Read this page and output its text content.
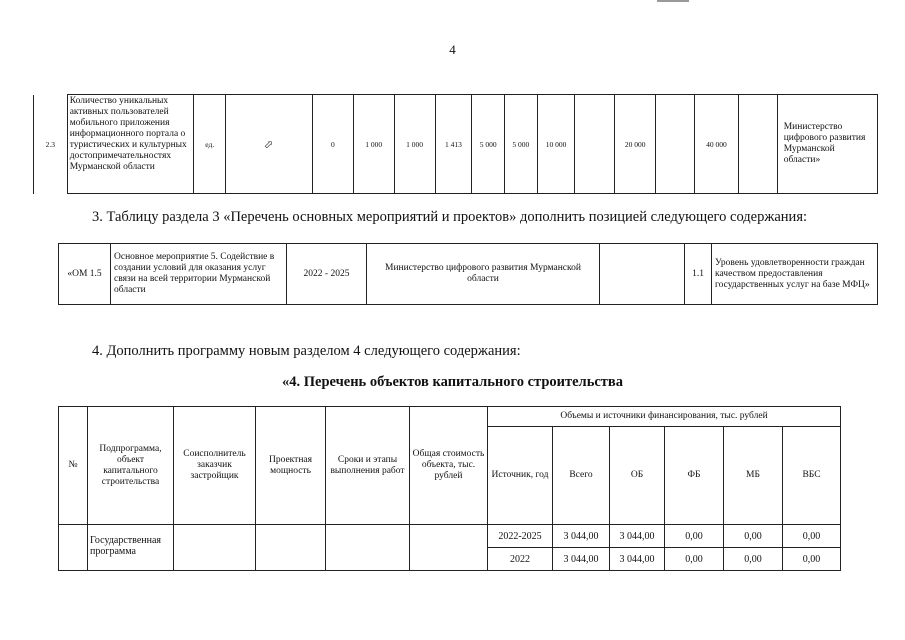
4
2.3	Количество уникальных активных пользователей мобильного приложения информационного портала о туристических и культурных достопримечательностях Мурманской области	ед.	⇨	0	1 000	1 000	1 413	5 000	5 000	10 000		20 000		40 000		Министерство цифрового развития Мурманской области»
3. Таблицу раздела 3 «Перечень основных мероприятий и проектов» дополнить позицией следующего содержания:
«ОМ 1.5	Основное мероприятие 5. Содействие в создании условий для оказания услуг связи на всей территории Мурманской области	2022 - 2025	Министерство цифрового развития Мурманской области		1.1	Уровень удовлетворенности граждан качеством предоставления государственных услуг на базе МФЦ»
4. Дополнить программу новым разделом 4 следующего содержания:
«4. Перечень объектов капитального строительства
№	Подпрограмма, объект капитального строительства	Соисполнитель заказчик застройщик	Проектная мощность	Сроки и этапы выполнения работ	Общая стоимость объекта, тыс. рублей	Объемы и источники финансирования, тыс. рублей					
						Источник, год	Всего	ОБ	ФБ	МБ	ВБС
	Государственная программа					2022-2025	3 044,00	3 044,00	0,00	0,00	0,00
						2022	3 044,00	3 044,00	0,00	0,00	0,00
